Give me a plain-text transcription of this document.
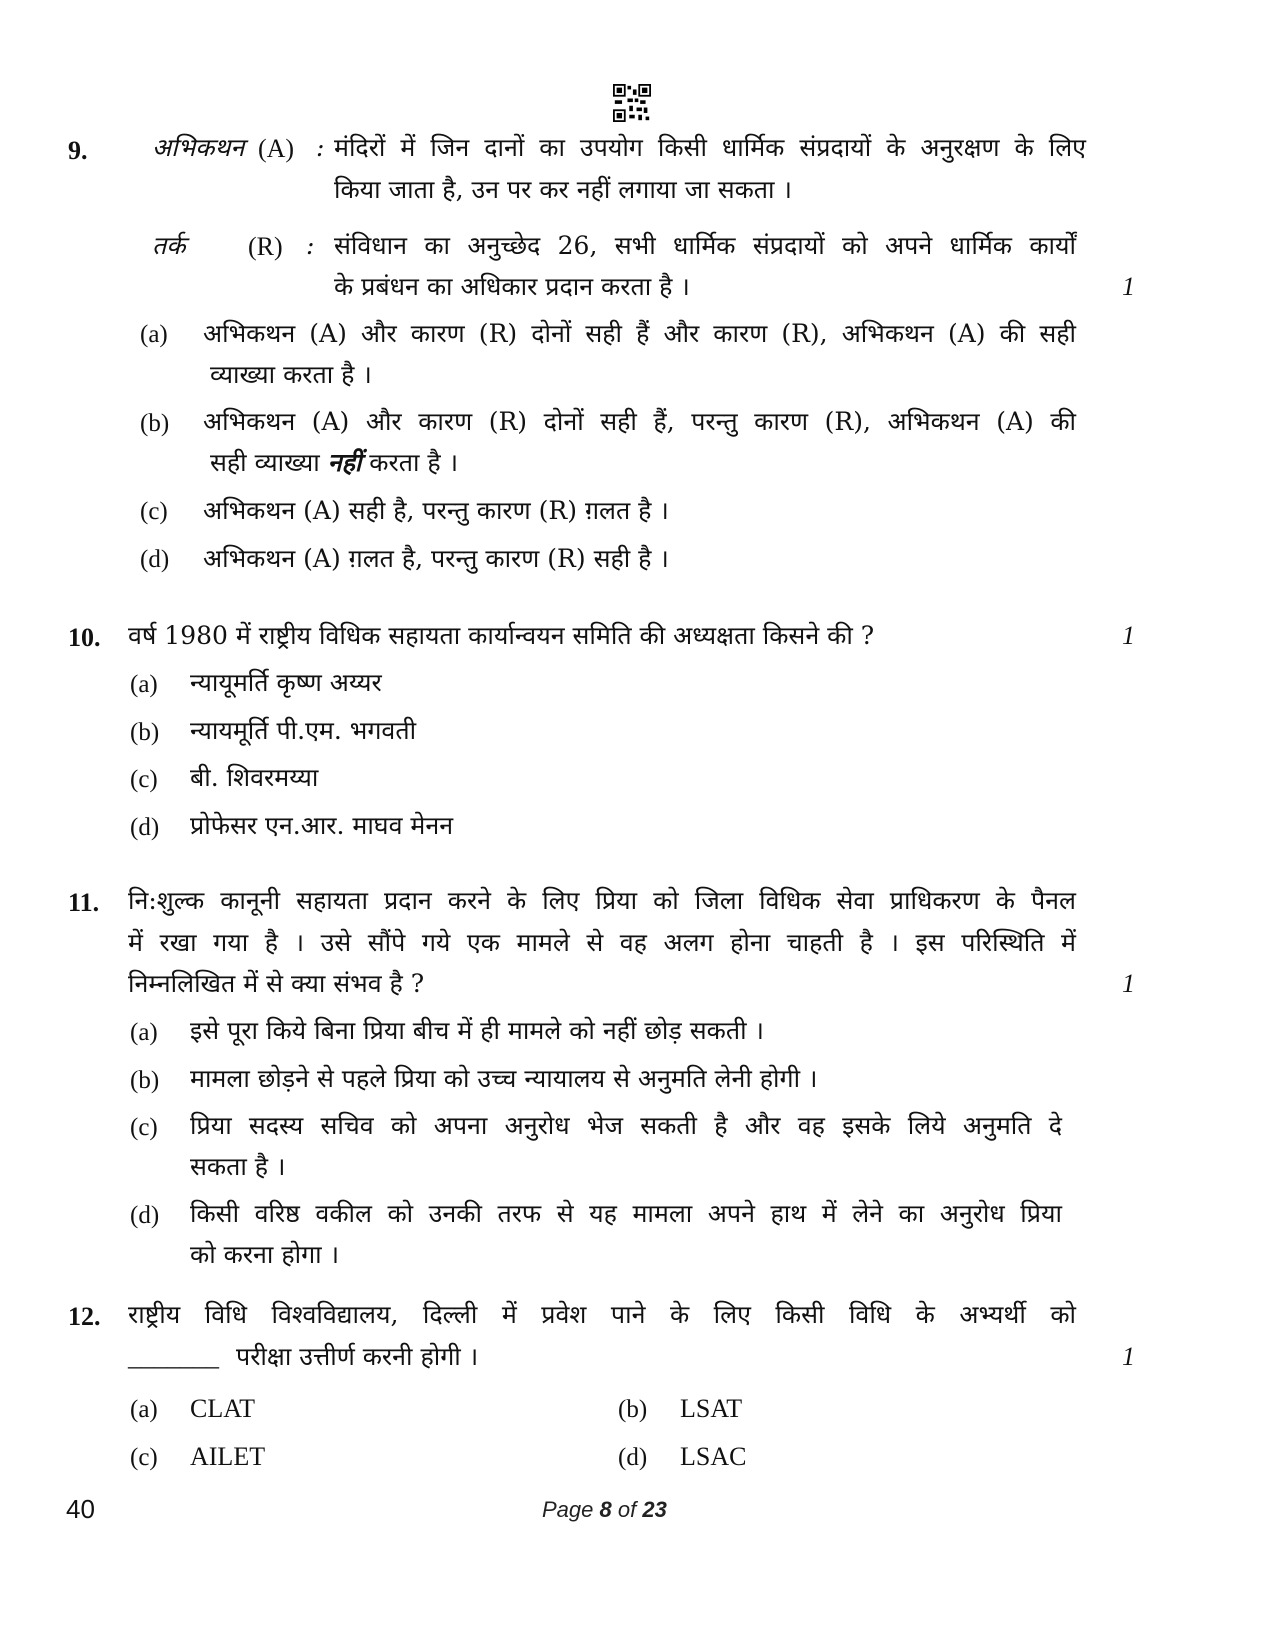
9.	अभिकथन (A) : मंदिरों में जिन दानों का उपयोग किसी धार्मिक संप्रदायों के अनुरक्षण के लिए
किया जाता है, उन पर कर नहीं लगाया जा सकता ।
तर्क (R) : संविधान का अनुच्छेद 26, सभी धार्मिक संप्रदायों को अपने धार्मिक कार्यों
के प्रबंधन का अधिकार प्रदान करता है ।	1
(a) अभिकथन (A) और कारण (R) दोनों सही हैं और कारण (R), अभिकथन (A) की सही
व्याख्या करता है ।
(b) अभिकथन (A) और कारण (R) दोनों सही हैं, परन्तु कारण (R), अभिकथन (A) की
सही व्याख्या नहीं करता है ।
(c) अभिकथन (A) सही है, परन्तु कारण (R) ग़लत है ।
(d) अभिकथन (A) ग़लत है, परन्तु कारण (R) सही है ।
10. वर्ष 1980 में राष्ट्रीय विधिक सहायता कार्यान्वयन समिति की अध्यक्षता किसने की ?	1
(a) न्यायूमर्ति कृष्ण अय्यर
(b) न्यायमूर्ति पी.एम. भगवती
(c) बी. शिवरमय्या
(d) प्रोफेसर एन.आर. माघव मेनन
11. नि:शुल्क कानूनी सहायता प्रदान करने के लिए प्रिया को जिला विधिक सेवा प्राधिकरण के पैनल
में रखा गया है । उसे सौंपे गये एक मामले से वह अलग होना चाहती है । इस परिस्थिति में
निम्नलिखित में से क्या संभव है ?	1
(a) इसे पूरा किये बिना प्रिया बीच में ही मामले को नहीं छोड़ सकती ।
(b) मामला छोड़ने से पहले प्रिया को उच्च न्यायालय से अनुमति लेनी होगी ।
(c) प्रिया सदस्य सचिव को अपना अनुरोध भेज सकती है और वह इसके लिये अनुमति दे
सकता है ।
(d) किसी वरिष्ठ वकील को उनकी तरफ से यह मामला अपने हाथ में लेने का अनुरोध प्रिया
को करना होगा ।
12. राष्ट्रीय विधि विश्वविद्यालय, दिल्ली में प्रवेश पाने के लिए किसी विधि के अभ्यर्थी को
_______ परीक्षा उत्तीर्ण करनी होगी ।	1
(a) CLAT	(b) LSAT
(c) AILET	(d) LSAC
40	Page 8 of 23
